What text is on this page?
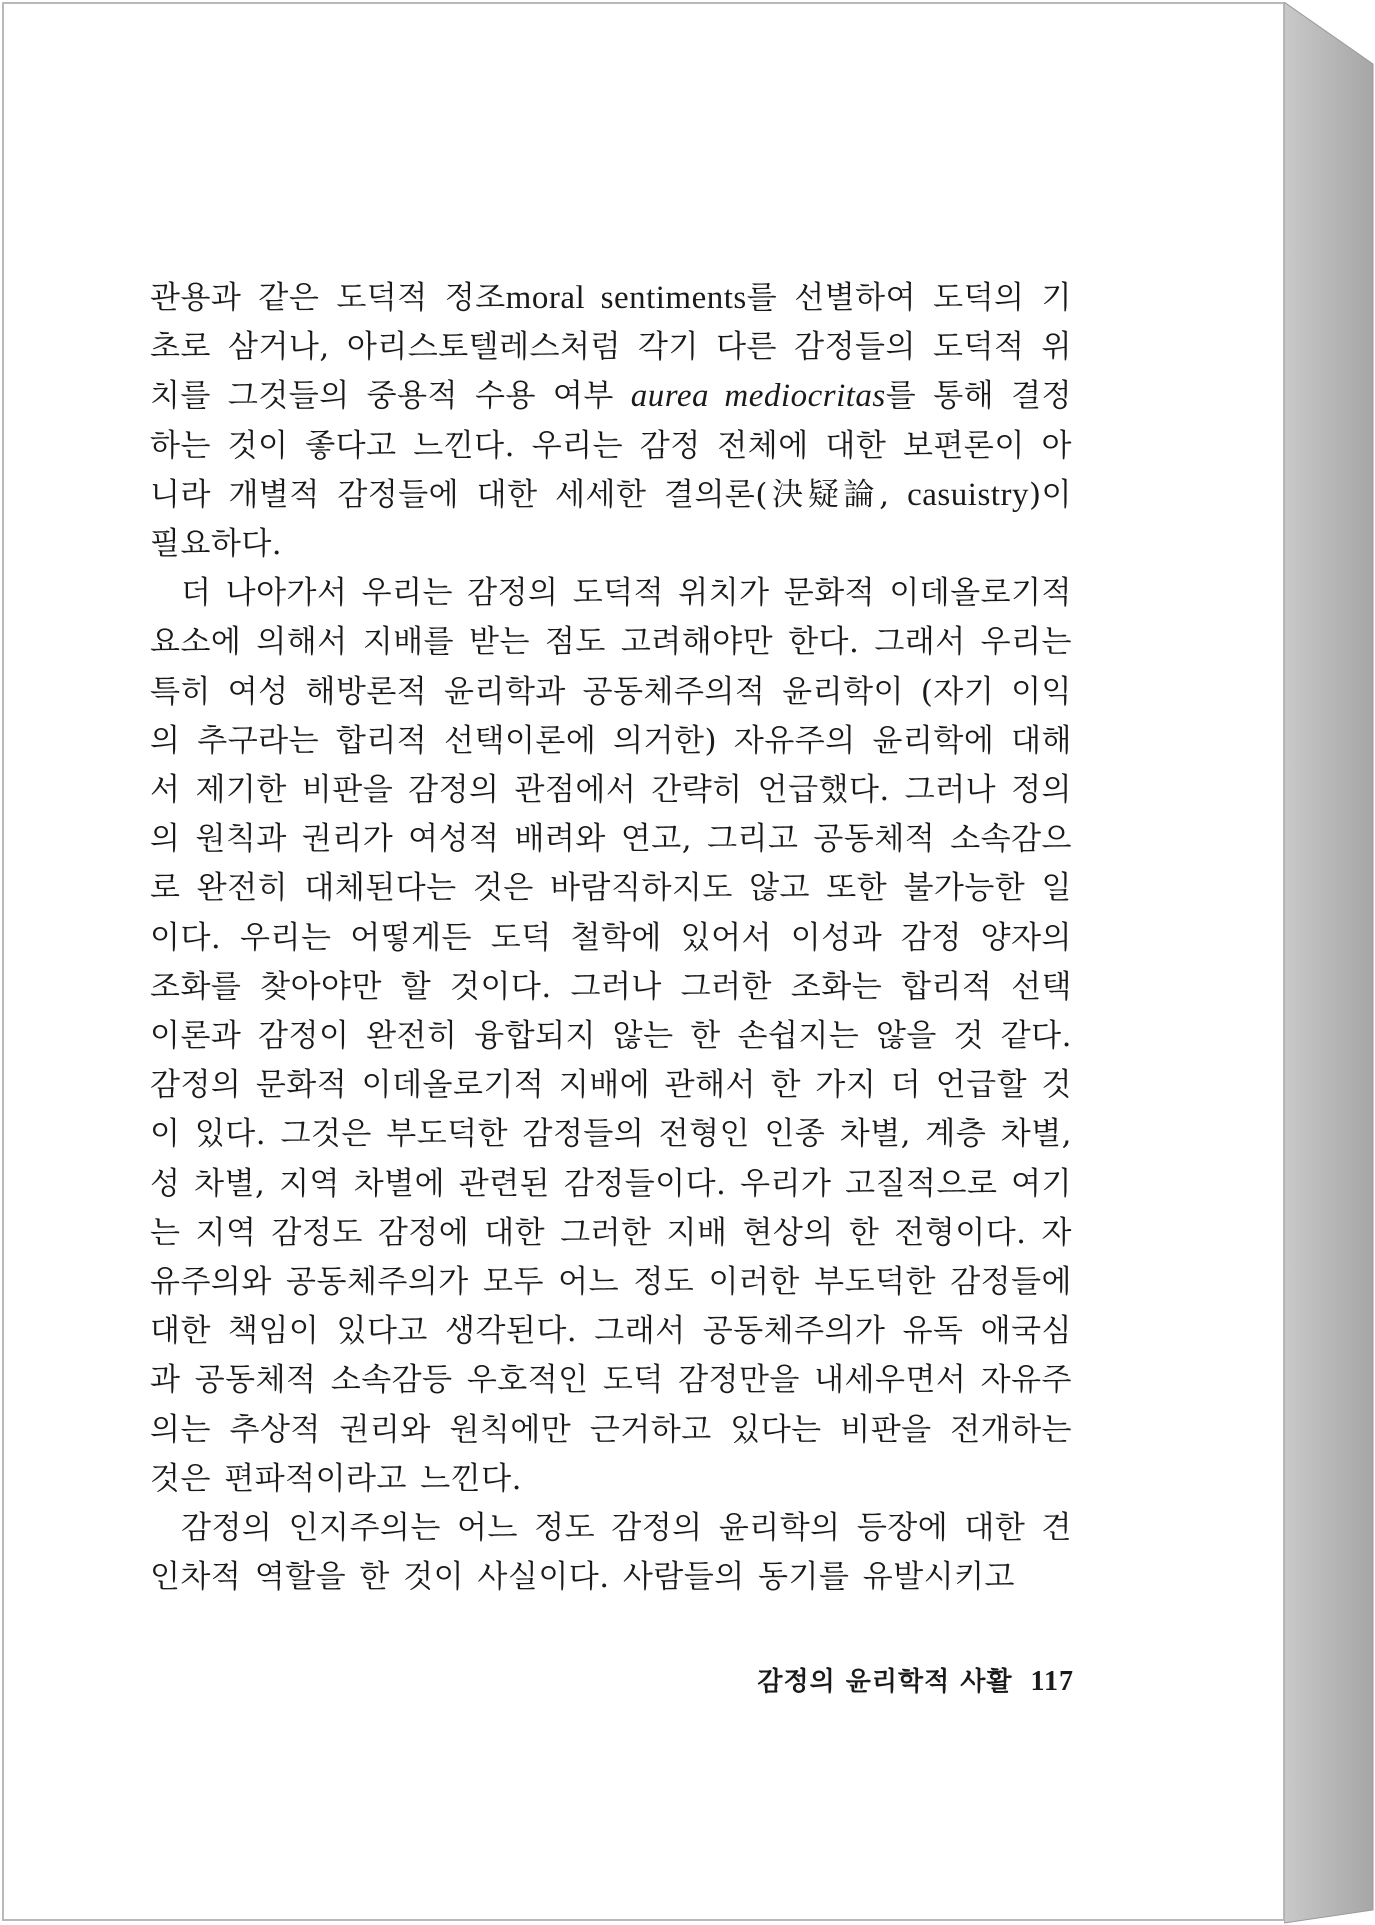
관용과 같은 도덕적 정조moral sentiments를 선별하여 도덕의 기초로 삼거나, 아리스토텔레스처럼 각기 다른 감정들의 도덕적 위치를 그것들의 중용적 수용 여부 aurea mediocritas를 통해 결정하는 것이 좋다고 느낀다. 우리는 감정 전체에 대한 보편론이 아니라 개별적 감정들에 대한 세세한 결의론(決疑論, casuistry)이 필요하다.

더 나아가서 우리는 감정의 도덕적 위치가 문화적 이데올로기적 요소에 의해서 지배를 받는 점도 고려해야만 한다. 그래서 우리는 특히 여성 해방론적 윤리학과 공동체주의적 윤리학이 (자기 이익의 추구라는 합리적 선택이론에 의거한) 자유주의 윤리학에 대해서 제기한 비판을 감정의 관점에서 간략히 언급했다. 그러나 정의의 원칙과 권리가 여성적 배려와 연고, 그리고 공동체적 소속감으로 완전히 대체된다는 것은 바람직하지도 않고 또한 불가능한 일이다. 우리는 어떻게든 도덕 철학에 있어서 이성과 감정 양자의 조화를 찾아야만 할 것이다. 그러나 그러한 조화는 합리적 선택 이론과 감정이 완전히 융합되지 않는 한 손쉽지는 않을 것 같다. 감정의 문화적 이데올로기적 지배에 관해서 한 가지 더 언급할 것이 있다. 그것은 부도덕한 감정들의 전형인 인종 차별, 계층 차별, 성 차별, 지역 차별에 관련된 감정들이다. 우리가 고질적으로 여기는 지역 감정도 감정에 대한 그러한 지배 현상의 한 전형이다. 자유주의와 공동체주의가 모두 어느 정도 이러한 부도덕한 감정들에 대한 책임이 있다고 생각된다. 그래서 공동체주의가 유독 애국심과 공동체적 소속감등 우호적인 도덕 감정만을 내세우면서 자유주의는 추상적 권리와 원칙에만 근거하고 있다는 비판을 전개하는 것은 편파적이라고 느낀다.

감정의 인지주의는 어느 정도 감정의 윤리학의 등장에 대한 견인차적 역할을 한 것이 사실이다. 사람들의 동기를 유발시키고

감정의 윤리학적 사활 117
